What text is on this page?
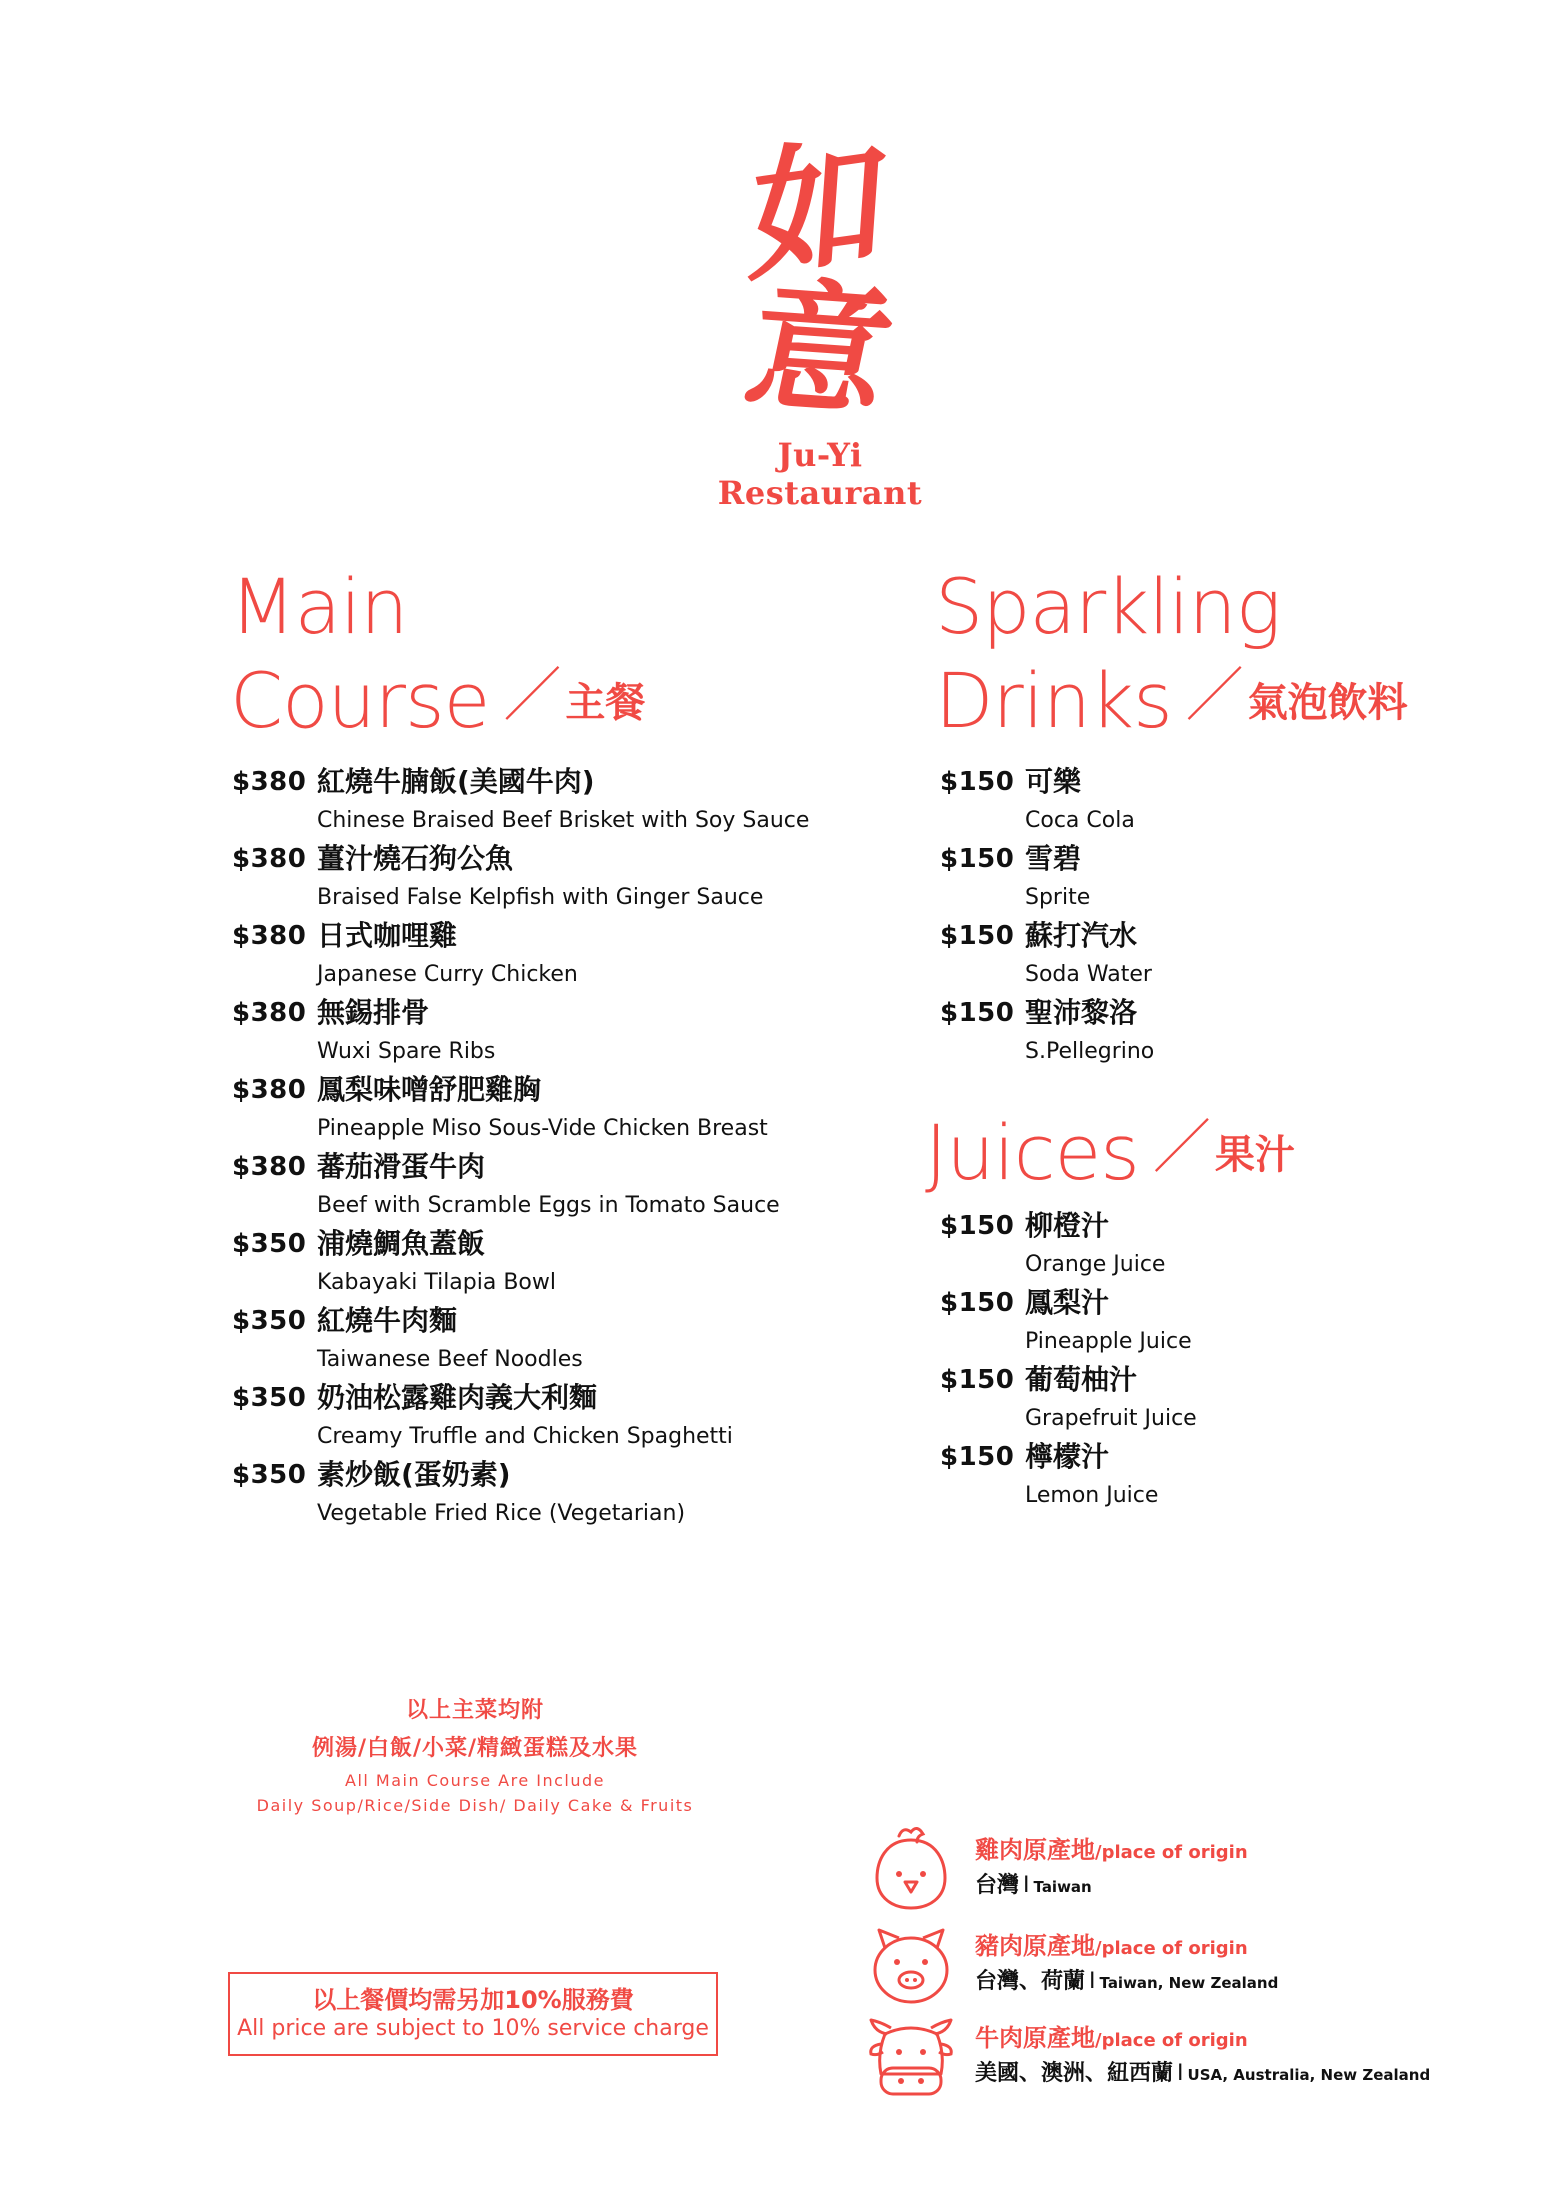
如
意
Ju-Yi Restaurant
Main
Course ／ 主餐
$380 紅燒牛腩飯(美國牛肉)
Chinese Braised Beef Brisket with Soy Sauce
$380 薑汁燒石狗公魚
Braised False Kelpfish with Ginger Sauce
$380 日式咖哩雞
Japanese Curry Chicken
$380 無錫排骨
Wuxi Spare Ribs
$380 鳳梨味噌舒肥雞胸
Pineapple Miso Sous-Vide Chicken Breast
$380 蕃茄滑蛋牛肉
Beef with Scramble Eggs in Tomato Sauce
$350 浦燒鯛魚蓋飯
Kabayaki Tilapia Bowl
$350 紅燒牛肉麵
Taiwanese Beef Noodles
$350 奶油松露雞肉義大利麵
Creamy Truffle and Chicken Spaghetti
$350 素炒飯(蛋奶素)
Vegetable Fried Rice (Vegetarian)
Sparkling
Drinks ／ 氣泡飲料
$150 可樂
Coca Cola
$150 雪碧
Sprite
$150 蘇打汽水
Soda Water
$150 聖沛黎洛
S.Pellegrino
Juices ／ 果汁
$150 柳橙汁
Orange Juice
$150 鳳梨汁
Pineapple Juice
$150 葡萄柚汁
Grapefruit Juice
$150 檸檬汁
Lemon Juice
以上主菜均附
例湯/白飯/小菜/精緻蛋糕及水果
All Main Course Are Include
Daily Soup/Rice/Side Dish/ Daily Cake & Fruits
以上餐價均需另加10%服務費
All price are subject to 10% service charge
雞肉原產地/place of origin
台灣 I Taiwan
豬肉原產地/place of origin
台灣、荷蘭 I Taiwan, New Zealand
牛肉原產地/place of origin
美國、澳洲、紐西蘭 I USA, Australia, New Zealand
